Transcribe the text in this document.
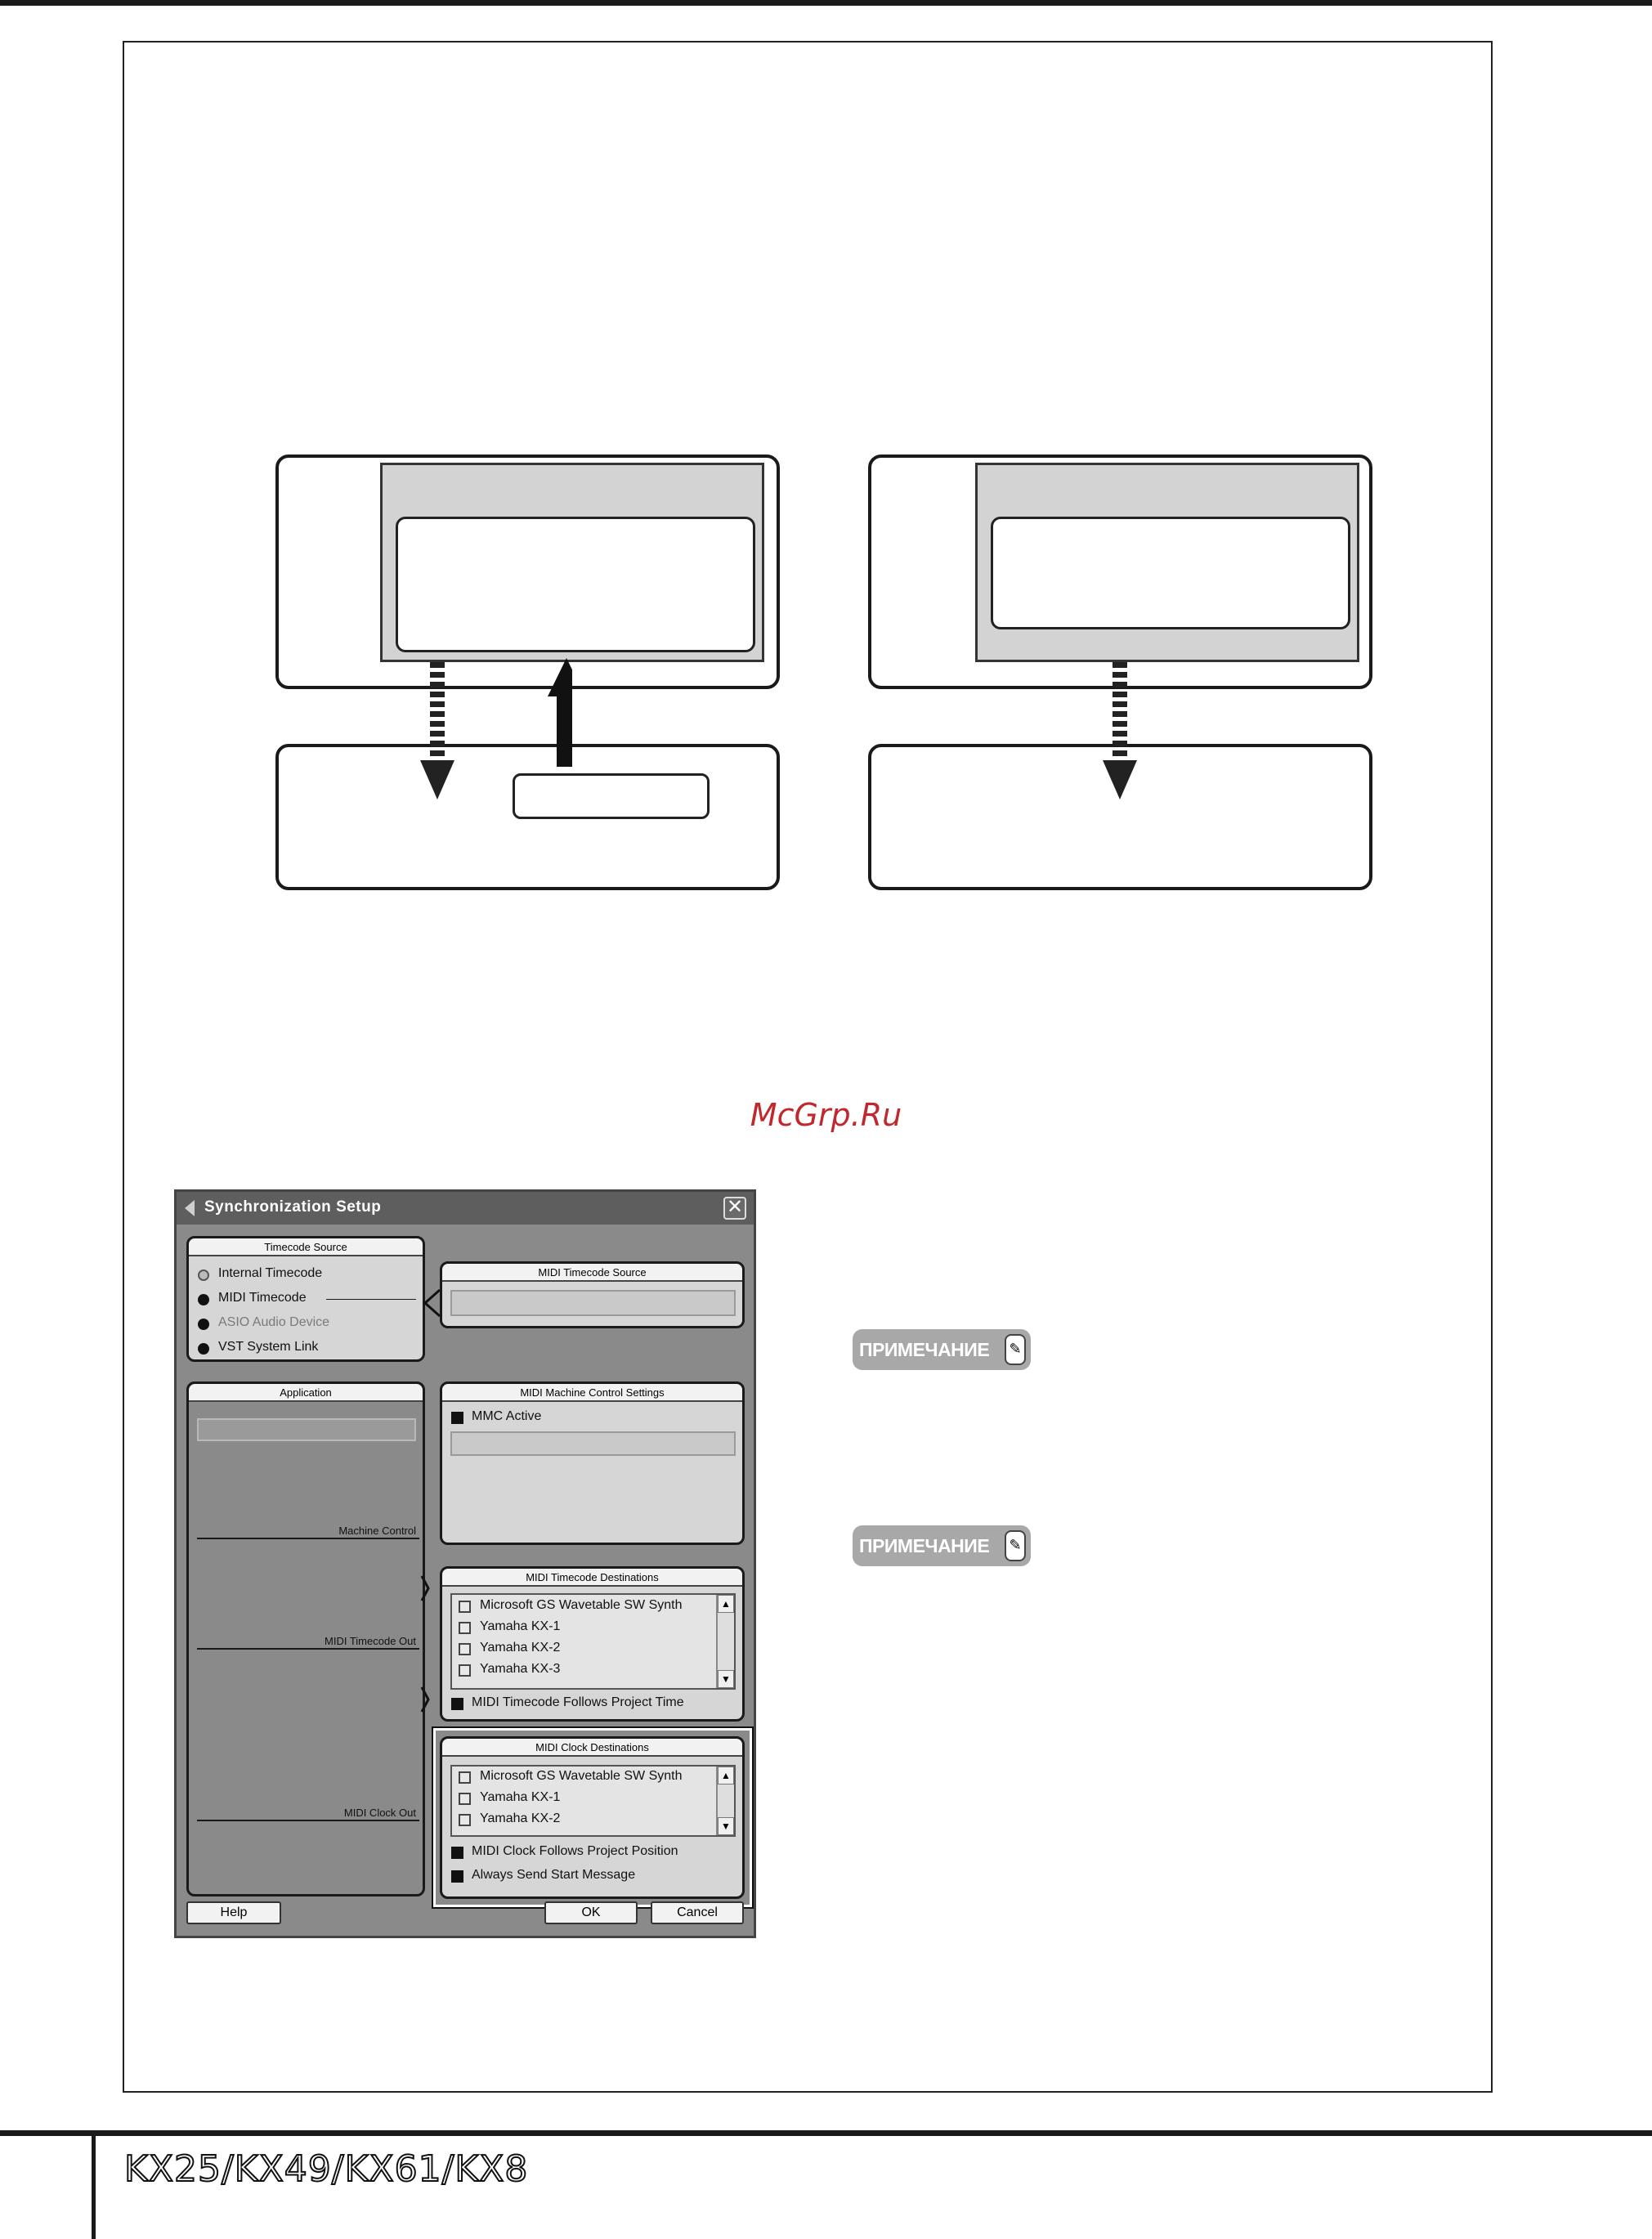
McGrp.Ru
Synchronization Setup	✕
Timecode Source
Internal Timecode
MIDI Timecode
ASIO Audio Device
VST System Link
MIDI Timecode Source
Application
Machine Control
MIDI Timecode Out
MIDI Clock Out
MIDI Machine Control Settings
MMC Active
MIDI Timecode Destinations
Microsoft GS Wavetable SW Synth
Yamaha KX-1
Yamaha KX-2
Yamaha KX-3
▲
▼
MIDI Timecode Follows Project Time
MIDI Clock Destinations
Microsoft GS Wavetable SW Synth
Yamaha KX-1
Yamaha KX-2
▲
▼
MIDI Clock Follows Project Position
Always Send Start Message
Help	OK	Cancel
ПРИМЕЧАНИЕ	✎
ПРИМЕЧАНИЕ	✎
KX25/KX49/KX61/KX8
